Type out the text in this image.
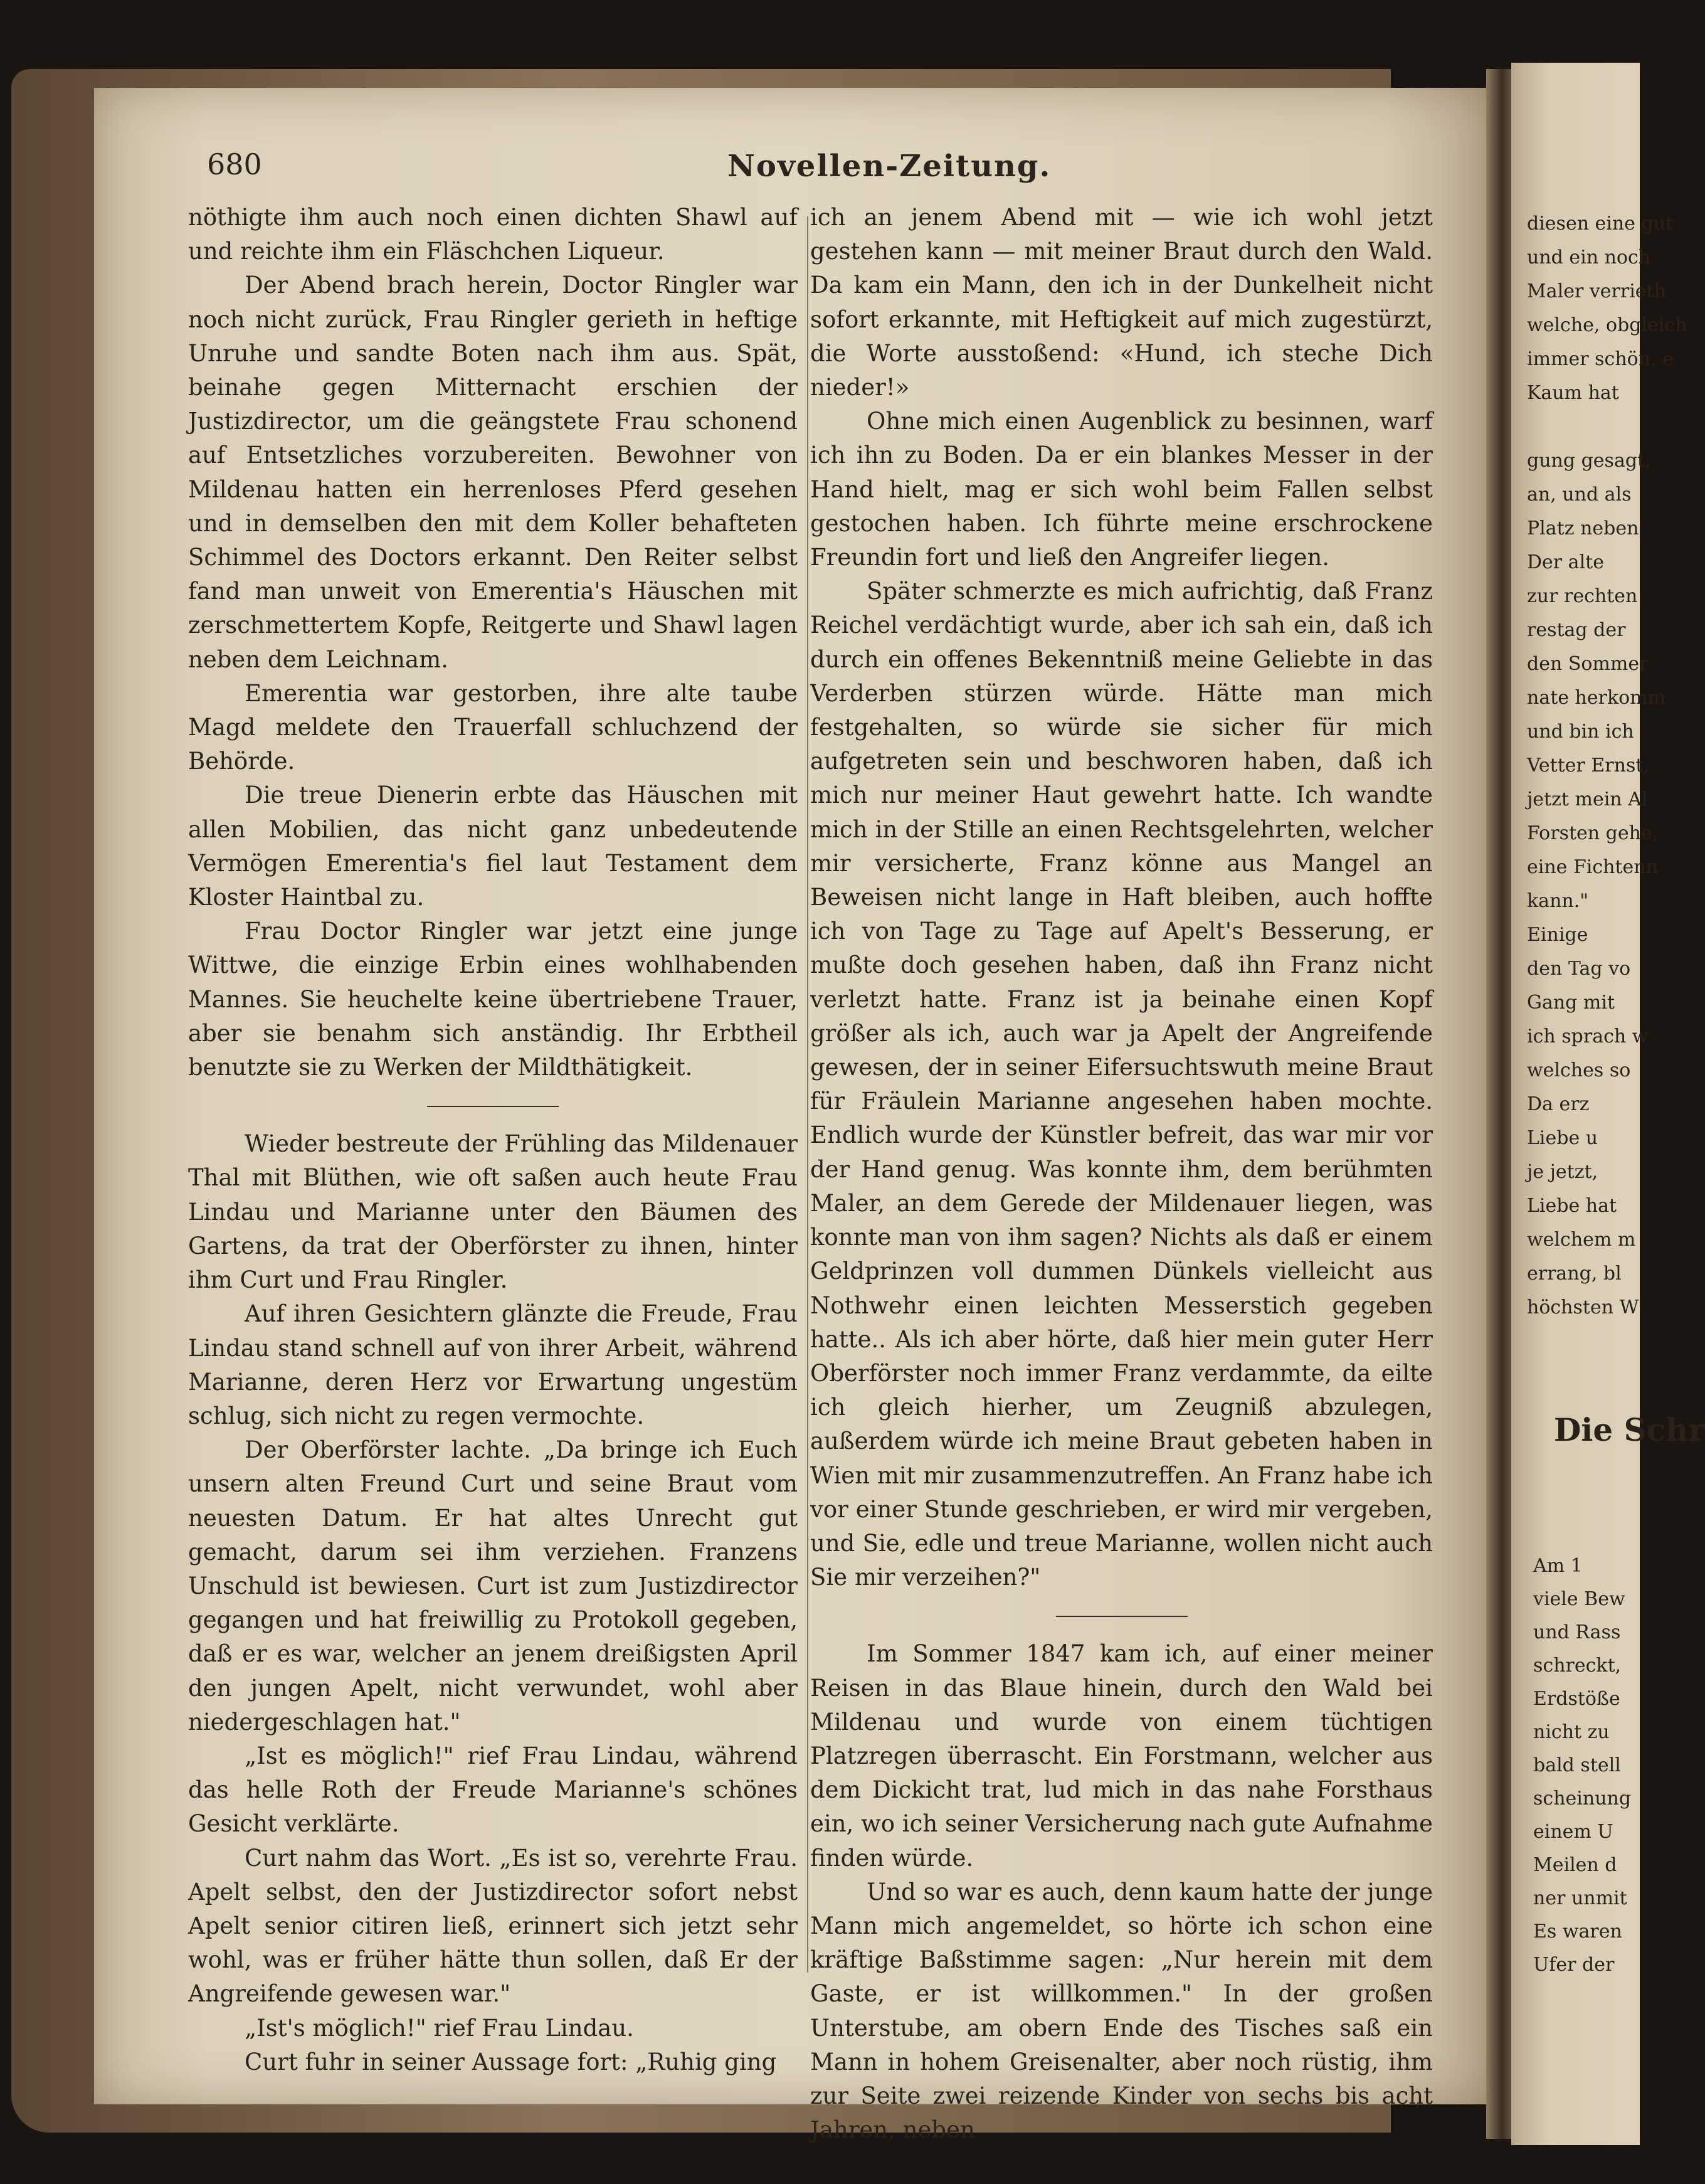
680	Novellen-Zeitung.

nöthigte ihm auch noch einen dichten Shawl auf und reichte ihm ein Fläschchen Liqueur.

Der Abend brach herein, Doctor Ringler war noch nicht zurück, Frau Ringler gerieth in heftige Unruhe und sandte Boten nach ihm aus. Spät, beinahe gegen Mitternacht erschien der Justizdirector, um die geängstete Frau schonend auf Entsetzliches vorzubereiten. Bewohner von Mildenau hatten ein herrenloses Pferd gesehen und in demselben den mit dem Koller behafteten Schimmel des Doctors erkannt. Den Reiter selbst fand man unweit von Emerentia's Häuschen mit zerschmettertem Kopfe, Reitgerte und Shawl lagen neben dem Leichnam.

Emerentia war gestorben, ihre alte taube Magd meldete den Trauerfall schluchzend der Behörde.

Die treue Dienerin erbte das Häuschen mit allen Mobilien, das nicht ganz unbedeutende Vermögen Emerentia's fiel laut Testament dem Kloster Haintbal zu.

Frau Doctor Ringler war jetzt eine junge Wittwe, die einzige Erbin eines wohlhabenden Mannes. Sie heuchelte keine übertriebene Trauer, aber sie benahm sich anständig. Ihr Erbtheil benutzte sie zu Werken der Mildthätigkeit.

Wieder bestreute der Frühling das Mildenauer Thal mit Blüthen, wie oft saßen auch heute Frau Lindau und Marianne unter den Bäumen des Gartens, da trat der Oberförster zu ihnen, hinter ihm Curt und Frau Ringler.

Auf ihren Gesichtern glänzte die Freude, Frau Lindau stand schnell auf von ihrer Arbeit, während Marianne, deren Herz vor Erwartung ungestüm schlug, sich nicht zu regen vermochte.

Der Oberförster lachte. „Da bringe ich Euch unsern alten Freund Curt und seine Braut vom neuesten Datum. Er hat altes Unrecht gut gemacht, darum sei ihm verziehen. Franzens Unschuld ist bewiesen. Curt ist zum Justizdirector gegangen und hat freiwillig zu Protokoll gegeben, daß er es war, welcher an jenem dreißigsten April den jungen Apelt, nicht verwundet, wohl aber niedergeschlagen hat."

„Ist es möglich!" rief Frau Lindau, während das helle Roth der Freude Marianne's schönes Gesicht verklärte.

Curt nahm das Wort. „Es ist so, verehrte Frau. Apelt selbst, den der Justizdirector sofort nebst Apelt senior citiren ließ, erinnert sich jetzt sehr wohl, was er früher hätte thun sollen, daß Er der Angreifende gewesen war."

„Ist's möglich!" rief Frau Lindau.

Curt fuhr in seiner Aussage fort: „Ruhig ging

ich an jenem Abend mit — wie ich wohl jetzt gestehen kann — mit meiner Braut durch den Wald. Da kam ein Mann, den ich in der Dunkelheit nicht sofort erkannte, mit Heftigkeit auf mich zugestürzt, die Worte ausstoßend: «Hund, ich steche Dich nieder!»

Ohne mich einen Augenblick zu besinnen, warf ich ihn zu Boden. Da er ein blankes Messer in der Hand hielt, mag er sich wohl beim Fallen selbst gestochen haben. Ich führte meine erschrockene Freundin fort und ließ den Angreifer liegen.

Später schmerzte es mich aufrichtig, daß Franz Reichel verdächtigt wurde, aber ich sah ein, daß ich durch ein offenes Bekenntniß meine Geliebte in das Verderben stürzen würde. Hätte man mich festgehalten, so würde sie sicher für mich aufgetreten sein und beschworen haben, daß ich mich nur meiner Haut gewehrt hatte. Ich wandte mich in der Stille an einen Rechtsgelehrten, welcher mir versicherte, Franz könne aus Mangel an Beweisen nicht lange in Haft bleiben, auch hoffte ich von Tage zu Tage auf Apelt's Besserung, er mußte doch gesehen haben, daß ihn Franz nicht verletzt hatte. Franz ist ja beinahe einen Kopf größer als ich, auch war ja Apelt der Angreifende gewesen, der in seiner Eifersuchtswuth meine Braut für Fräulein Marianne angesehen haben mochte. Endlich wurde der Künstler befreit, das war mir vor der Hand genug. Was konnte ihm, dem berühmten Maler, an dem Gerede der Mildenauer liegen, was konnte man von ihm sagen? Nichts als daß er einem Geldprinzen voll dummen Dünkels vielleicht aus Nothwehr einen leichten Messerstich gegeben hatte.. Als ich aber hörte, daß hier mein guter Herr Oberförster noch immer Franz verdammte, da eilte ich gleich hierher, um Zeugniß abzulegen, außerdem würde ich meine Braut gebeten haben in Wien mit mir zusammenzutreffen. An Franz habe ich vor einer Stunde geschrieben, er wird mir vergeben, und Sie, edle und treue Marianne, wollen nicht auch Sie mir verzeihen?"

Im Sommer 1847 kam ich, auf einer meiner Reisen in das Blaue hinein, durch den Wald bei Mildenau und wurde von einem tüchtigen Platzregen überrascht. Ein Forstmann, welcher aus dem Dickicht trat, lud mich in das nahe Forsthaus ein, wo ich seiner Versicherung nach gute Aufnahme finden würde.

Und so war es auch, denn kaum hatte der junge Mann mich angemeldet, so hörte ich schon eine kräftige Baßstimme sagen: „Nur herein mit dem Gaste, er ist willkommen." In der großen Unterstube, am obern Ende des Tisches saß ein Mann in hohem Greisenalter, aber noch rüstig, ihm zur Seite zwei reizende Kinder von sechs bis acht Jahren, neben

diesen eine gut
und ein noch
Maler verrieth
welche, obgleich
immer schön, e
Kaum hat
gung gesagt,
an, und als
Platz neben
Der alte
zur rechten
restag der
den Sommer
nate herkomm
und bin ich
Vetter Ernst,
jetzt mein Al
Forsten gehe,
eine Fichtenn
kann."
Einige
den Tag vo
Gang mit
ich sprach w
welches so
Da erz
Liebe u
je jetzt,
Liebe hat
welchem m
errang, bl
höchsten W
Die Schr
Am 1
viele Bew
und Rass
schreckt,
Erdstöße
nicht zu
bald stell
scheinung
einem U
Meilen d
ner unmit
Es waren
Ufer der
